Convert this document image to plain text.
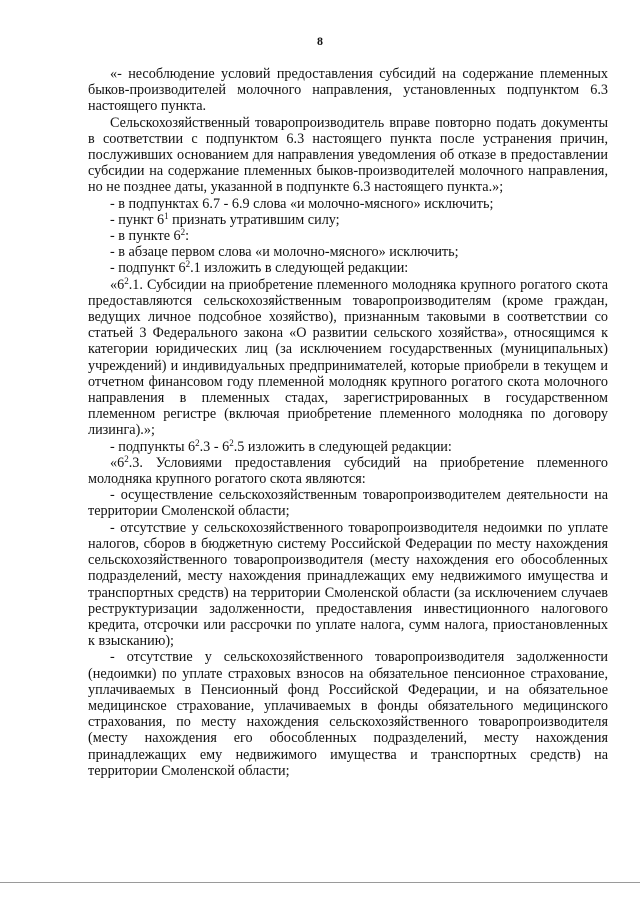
8

«- несоблюдение условий предоставления субсидий на содержание племенных быков-производителей молочного направления, установленных подпунктом 6.3 настоящего пункта.

Сельскохозяйственный товаропроизводитель вправе повторно подать документы в соответствии с подпунктом 6.3 настоящего пункта после устранения причин, послуживших основанием для направления уведомления об отказе в предоставлении субсидии на содержание племенных быков-производителей молочного направления, но не позднее даты, указанной в подпункте 6.3 настоящего пункта.»;

- в подпунктах 6.7 - 6.9 слова «и молочно-мясного» исключить;

- пункт $6^1$ признать утратившим силу;

- в пункте $6^2$:

- в абзаце первом слова «и молочно-мясного» исключить;

- подпункт $6^2.1$ изложить в следующей редакции:

«$6^2.1$. Субсидии на приобретение племенного молодняка крупного рогатого скота предоставляются сельскохозяйственным товаропроизводителям (кроме граждан, ведущих личное подсобное хозяйство), признанным таковыми в соответствии со статьей 3 Федерального закона «О развитии сельского хозяйства», относящимся к категории юридических лиц (за исключением государственных (муниципальных) учреждений) и индивидуальных предпринимателей, которые приобрели в текущем и отчетном финансовом году племенной молодняк крупного рогатого скота молочного направления в племенных стадах, зарегистрированных в государственном племенном регистре (включая приобретение племенного молодняка по договору лизинга).»;

- подпункты $6^2.3 - 6^2.5$ изложить в следующей редакции:

«$6^2.3$. Условиями предоставления субсидий на приобретение племенного молодняка крупного рогатого скота являются:

- осуществление сельскохозяйственным товаропроизводителем деятельности на территории Смоленской области;

- отсутствие у сельскохозяйственного товаропроизводителя недоимки по уплате налогов, сборов в бюджетную систему Российской Федерации по месту нахождения сельскохозяйственного товаропроизводителя (месту нахождения его обособленных подразделений, месту нахождения принадлежащих ему недвижимого имущества и транспортных средств) на территории Смоленской области (за исключением случаев реструктуризации задолженности, предоставления инвестиционного налогового кредита, отсрочки или рассрочки по уплате налога, сумм налога, приостановленных к взысканию);

- отсутствие у сельскохозяйственного товаропроизводителя задолженности (недоимки) по уплате страховых взносов на обязательное пенсионное страхование, уплачиваемых в Пенсионный фонд Российской Федерации, и на обязательное медицинское страхование, уплачиваемых в фонды обязательного медицинского страхования, по месту нахождения сельскохозяйственного товаропроизводителя (месту нахождения его обособленных подразделений, месту нахождения принадлежащих ему недвижимого имущества и транспортных средств) на территории Смоленской области;
